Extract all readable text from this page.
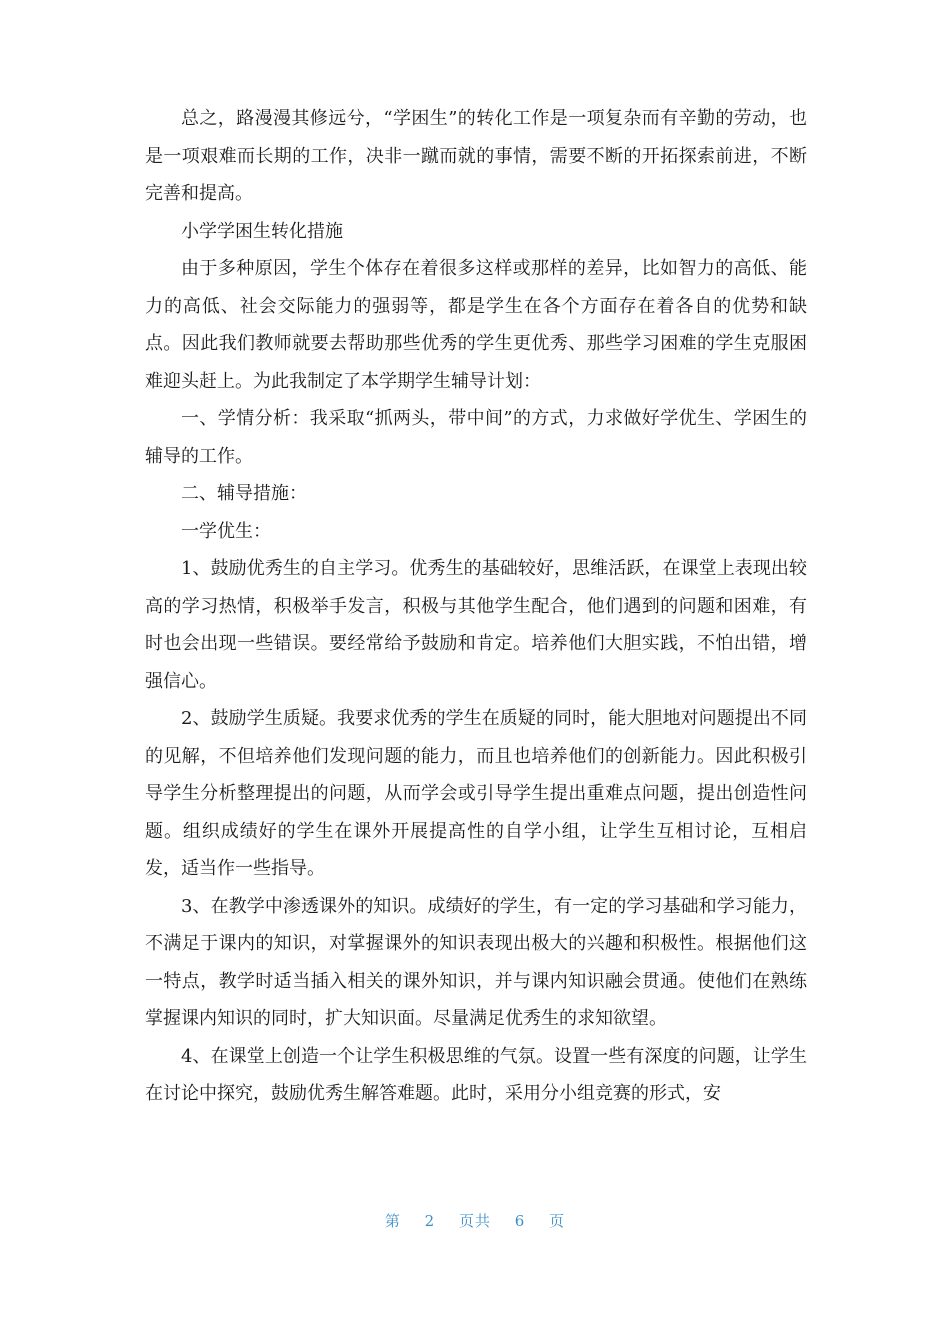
总之，路漫漫其修远兮，“学困生”的转化工作是一项复杂而有辛勤的劳动，也是一项艰难而长期的工作，决非一蹴而就的事情，需要不断的开拓探索前进，不断完善和提高。

小学学困生转化措施

由于多种原因，学生个体存在着很多这样或那样的差异，比如智力的高低、能力的高低、社会交际能力的强弱等，都是学生在各个方面存在着各自的优势和缺点。因此我们教师就要去帮助那些优秀的学生更优秀、那些学习困难的学生克服困难迎头赶上。为此我制定了本学期学生辅导计划：

一、学情分析：我采取“抓两头，带中间”的方式，力求做好学优生、学困生的辅导的工作。

二、辅导措施：

一学优生：

1、鼓励优秀生的自主学习。优秀生的基础较好，思维活跃，在课堂上表现出较高的学习热情，积极举手发言，积极与其他学生配合，他们遇到的问题和困难，有时也会出现一些错误。要经常给予鼓励和肯定。培养他们大胆实践，不怕出错，增强信心。

2、鼓励学生质疑。我要求优秀的学生在质疑的同时，能大胆地对问题提出不同的见解，不但培养他们发现问题的能力，而且也培养他们的创新能力。因此积极引导学生分析整理提出的问题，从而学会或引导学生提出重难点问题，提出创造性问题。组织成绩好的学生在课外开展提高性的自学小组，让学生互相讨论，互相启发，适当作一些指导。

3、在教学中渗透课外的知识。成绩好的学生，有一定的学习基础和学习能力，不满足于课内的知识，对掌握课外的知识表现出极大的兴趣和积极性。根据他们这一特点，教学时适当插入相关的课外知识，并与课内知识融会贯通。使他们在熟练掌握课内知识的同时，扩大知识面。尽量满足优秀生的求知欲望。

4、在课堂上创造一个让学生积极思维的气氛。设置一些有深度的问题，让学生在讨论中探究，鼓励优秀生解答难题。此时，采用分小组竞赛的形式，安

第 2 页共 6 页
